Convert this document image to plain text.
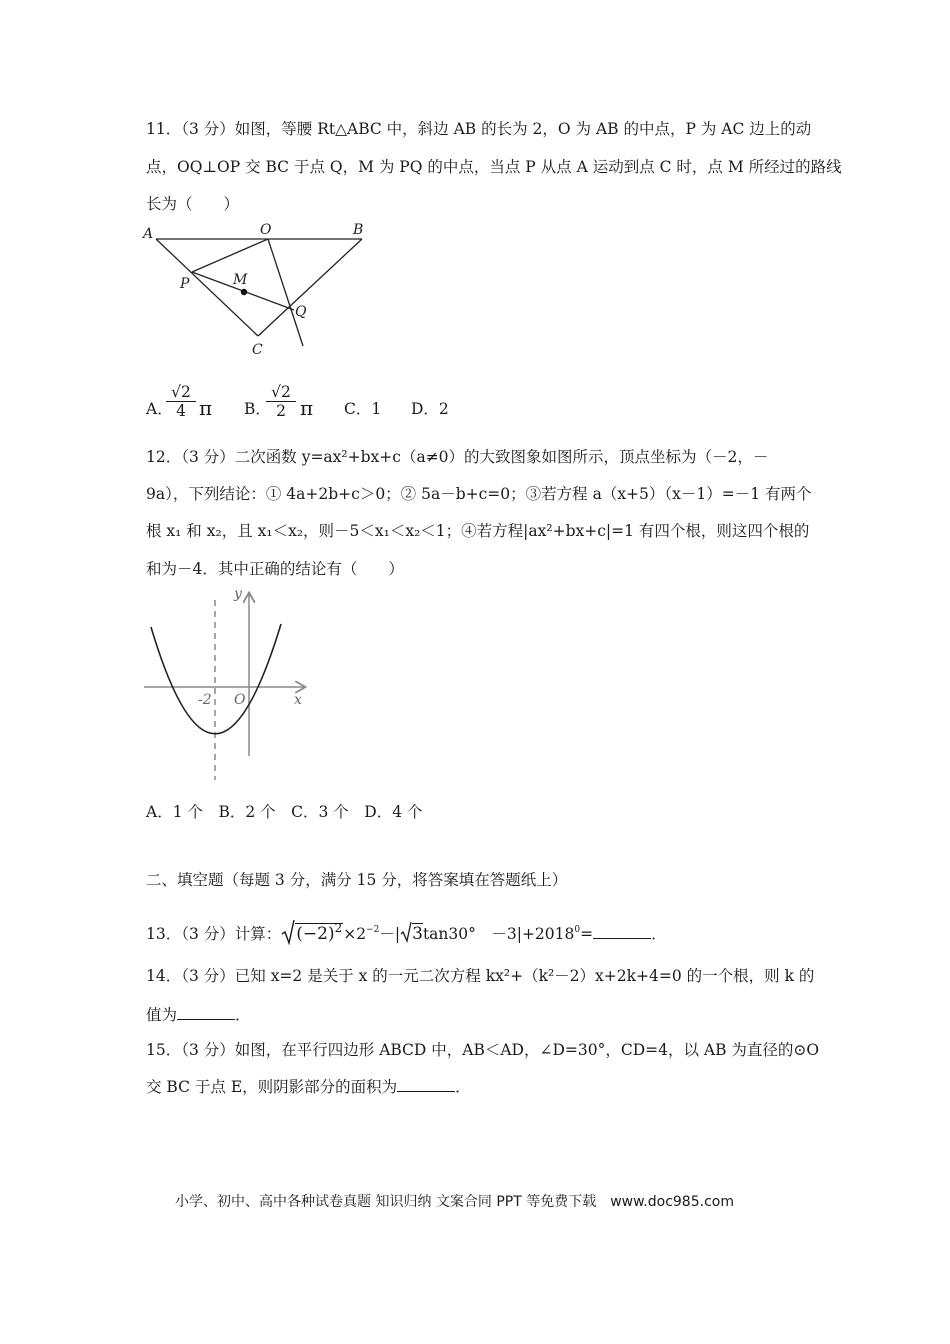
11．（3 分）如图，等腰 Rt△ABC 中，斜边 AB 的长为 2，O 为 AB 的中点，P 为 AC 边上的动
点，OQ⊥OP 交 BC 于点 Q，M 为 PQ 的中点，当点 P 从点 A 运动到点 C 时，点 M 所经过的路线
长为（　　）
A	O	B
P	M
Q
C
A．
$\frac{√2}{4}$ π B．
$\frac{√2}{2}$ π C．1 D．2
12．（3 分）二次函数 y=ax²+bx+c（a≠0）的大致图象如图所示，顶点坐标为（－2，－
9a），下列结论：① 4a+2b+c＞0；② 5a－b+c=0；③若方程 a（x+5）（x－1）=－1 有两个
根 x₁ 和 x₂，且 x₁＜x₂，则－5＜x₁＜x₂＜1；④若方程|ax²+bx+c|=1 有四个根，则这四个根的
和为－4．其中正确的结论有（　　）
y
x
O
-2
A．1 个　B．2 个　C．3 个　D．4 个
二、填空题（每题 3 分，满分 15 分，将答案填在答题纸上）
13．（3 分）计算： $(-2)^2\times 2^{-2}-|$ 3tan30°　$-3|+2018^0=$	．
14．（3 分）已知 x=2 是关于 x 的一元二次方程 kx²+（k²－2）x+2k+4=0 的一个根，则 k 的
值为	．
15．（3 分）如图，在平行四边形 ABCD 中，AB＜AD，∠D=30°，CD=4，以 AB 为直径的⊙O
交 BC 于点 E，则阴影部分的面积为	．
小学、初中、高中各种试卷真题 知识归纳 文案合同 PPT 等免费下载　www.doc985.com
